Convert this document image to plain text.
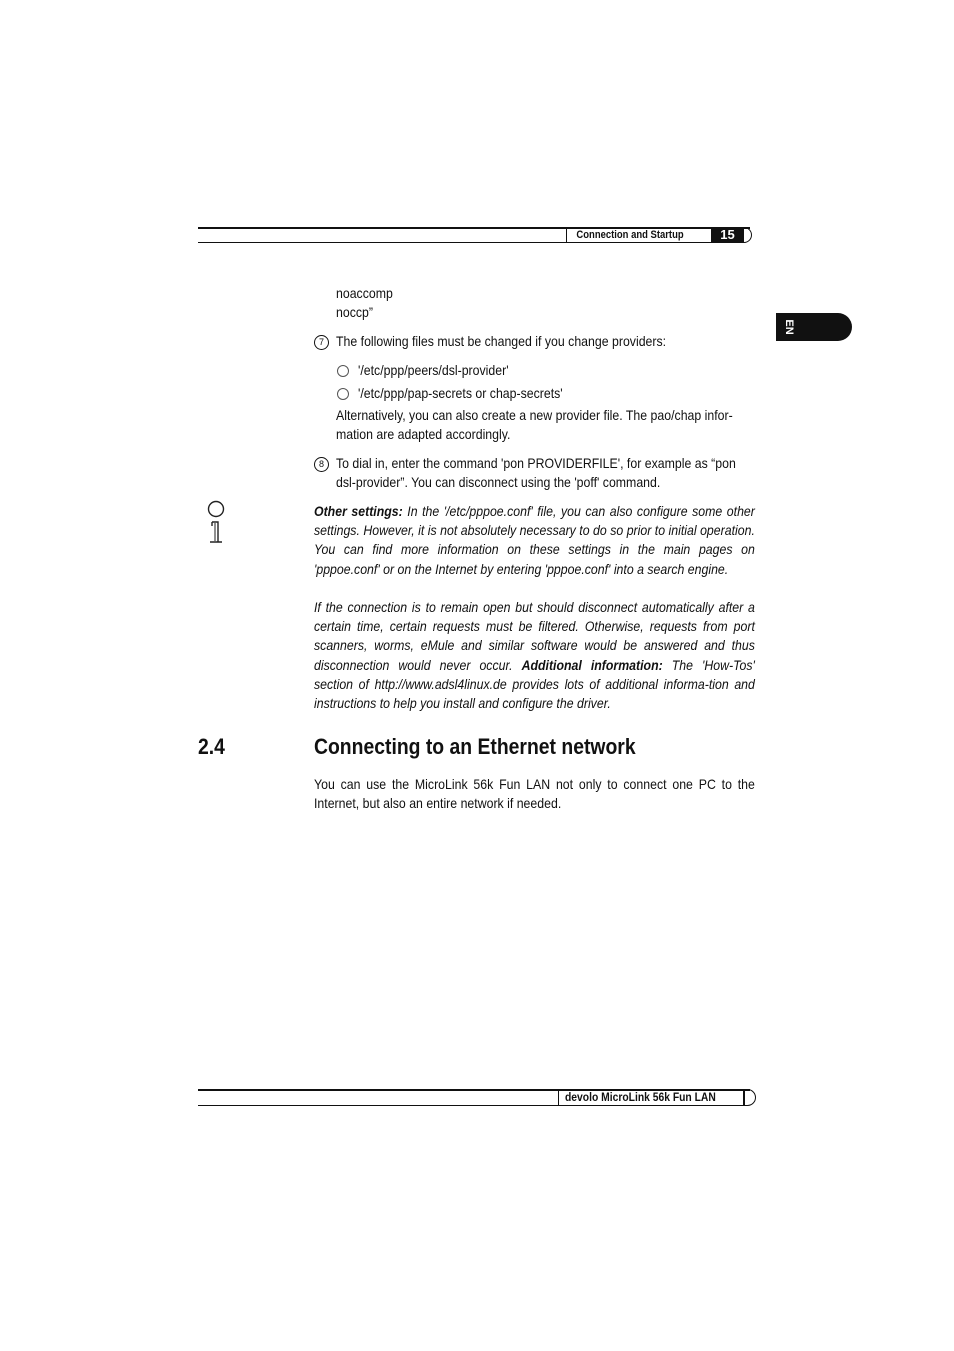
Connection and Startup	15
EN
noaccomp
noccp”
7 The following files must be changed if you change providers:
'/etc/ppp/peers/dsl-provider'
'/etc/ppp/pap-secrets or chap-secrets'
Alternatively, you can also create a new provider file. The pao/chap infor-
mation are adapted accordingly.
8 To dial in, enter the command 'pon PROVIDERFILE', for example as “pon
dsl-provider”. You can disconnect using the 'poff' command.
Other settings: In the '/etc/pppoe.conf' file, you can also configure some other settings. However, it is not absolutely necessary to do so prior to initial operation. You can find more information on these settings in the main pages on 'pppoe.conf' or on the Internet by entering 'pppoe.conf' into a search engine.
If the connection is to remain open but should disconnect automatically after a certain time, certain requests must be filtered. Otherwise, requests from port scanners, worms, eMule and similar software would be answered and thus disconnection would never occur. Additional information: The 'How-Tos' section of http://www.adsl4linux.de provides lots of additional informa-tion and instructions to help you install and configure the driver.
2.4	Connecting to an Ethernet network
You can use the MicroLink 56k Fun LAN not only to connect one PC to the Internet, but also an entire network if needed.
devolo MicroLink 56k Fun LAN
